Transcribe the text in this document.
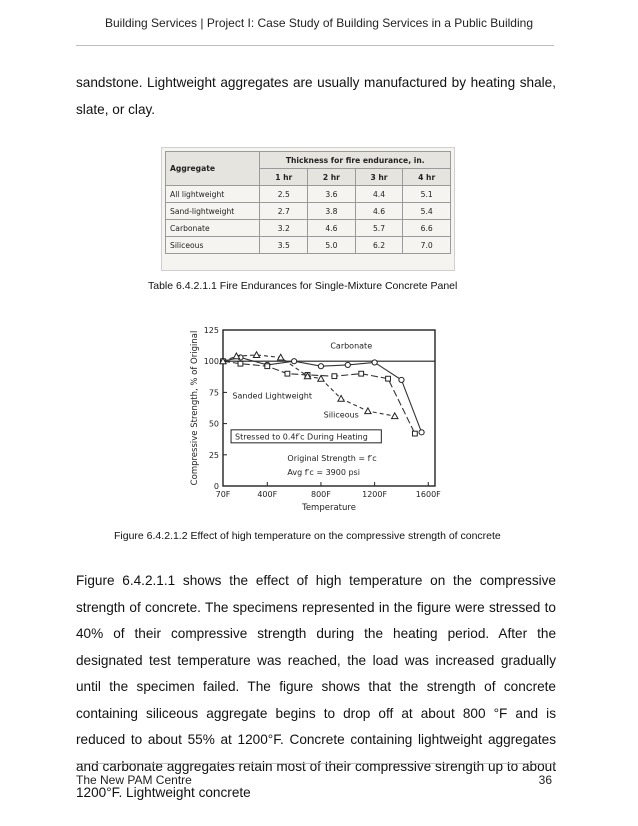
Building Services | Project I: Case Study of Building Services in a Public Building
sandstone. Lightweight aggregates are usually manufactured by heating shale, slate, or clay.
Aggregate	Thickness for fire endurance, in.			
	1 hr	2 hr	3 hr	4 hr
All lightweight	2.5	3.6	4.4	5.1
Sand-lightweight	2.7	3.8	4.6	5.4
Carbonate	3.2	4.6	5.7	6.6
Siliceous	3.5	5.0	6.2	7.0
Table 6.4.2.1.1 Fire Endurances for Single-Mixture Concrete Panel
0
25
50
75
100
125
70F	400F	800F	1200F	1600F
Temperature
Compressive Strength, % of Original	Carbonate
Sanded Lightweight
Siliceous
Stressed to 0.4f′c During Heating
Original Strength = f′c
Avg f′c = 3900 psi
Figure 6.4.2.1.2 Effect of high temperature on the compressive strength of concrete
Figure 6.4.2.1.1 shows the effect of high temperature on the compressive strength of concrete. The specimens represented in the figure were stressed to 40% of their compressive strength during the heating period. After the designated test temperature was reached, the load was increased gradually until the specimen failed. The figure shows that the strength of concrete containing siliceous aggregate begins to drop off at about 800 °F and is reduced to about 55% at 1200°F. Concrete containing lightweight aggregates and carbonate aggregates retain most of their compressive strength up to about 1200°F. Lightweight concrete
The New PAM Centre	36
